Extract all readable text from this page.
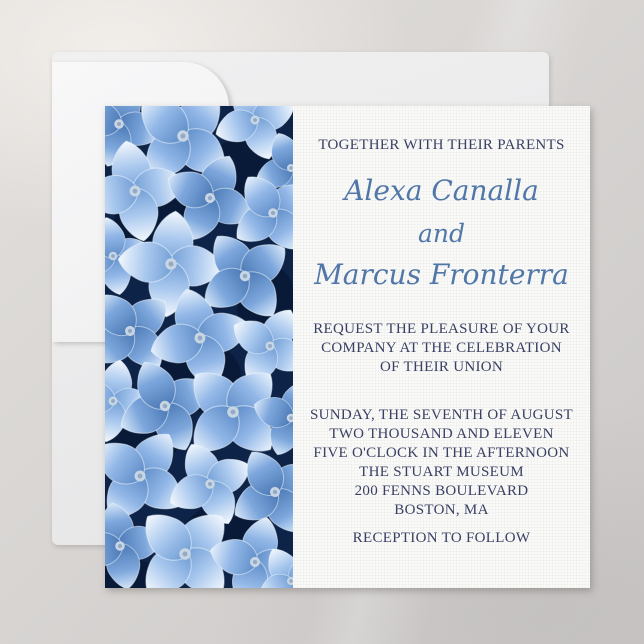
TOGETHER WITH THEIR PARENTS
Alexa Canalla
and
Marcus Fronterra
REQUEST THE PLEASURE OF YOUR
COMPANY AT THE CELEBRATION
OF THEIR UNION
SUNDAY, THE SEVENTH OF AUGUST
TWO THOUSAND AND ELEVEN
FIVE O'CLOCK IN THE AFTERNOON
THE STUART MUSEUM
200 FENNS BOULEVARD
BOSTON, MA
RECEPTION TO FOLLOW
